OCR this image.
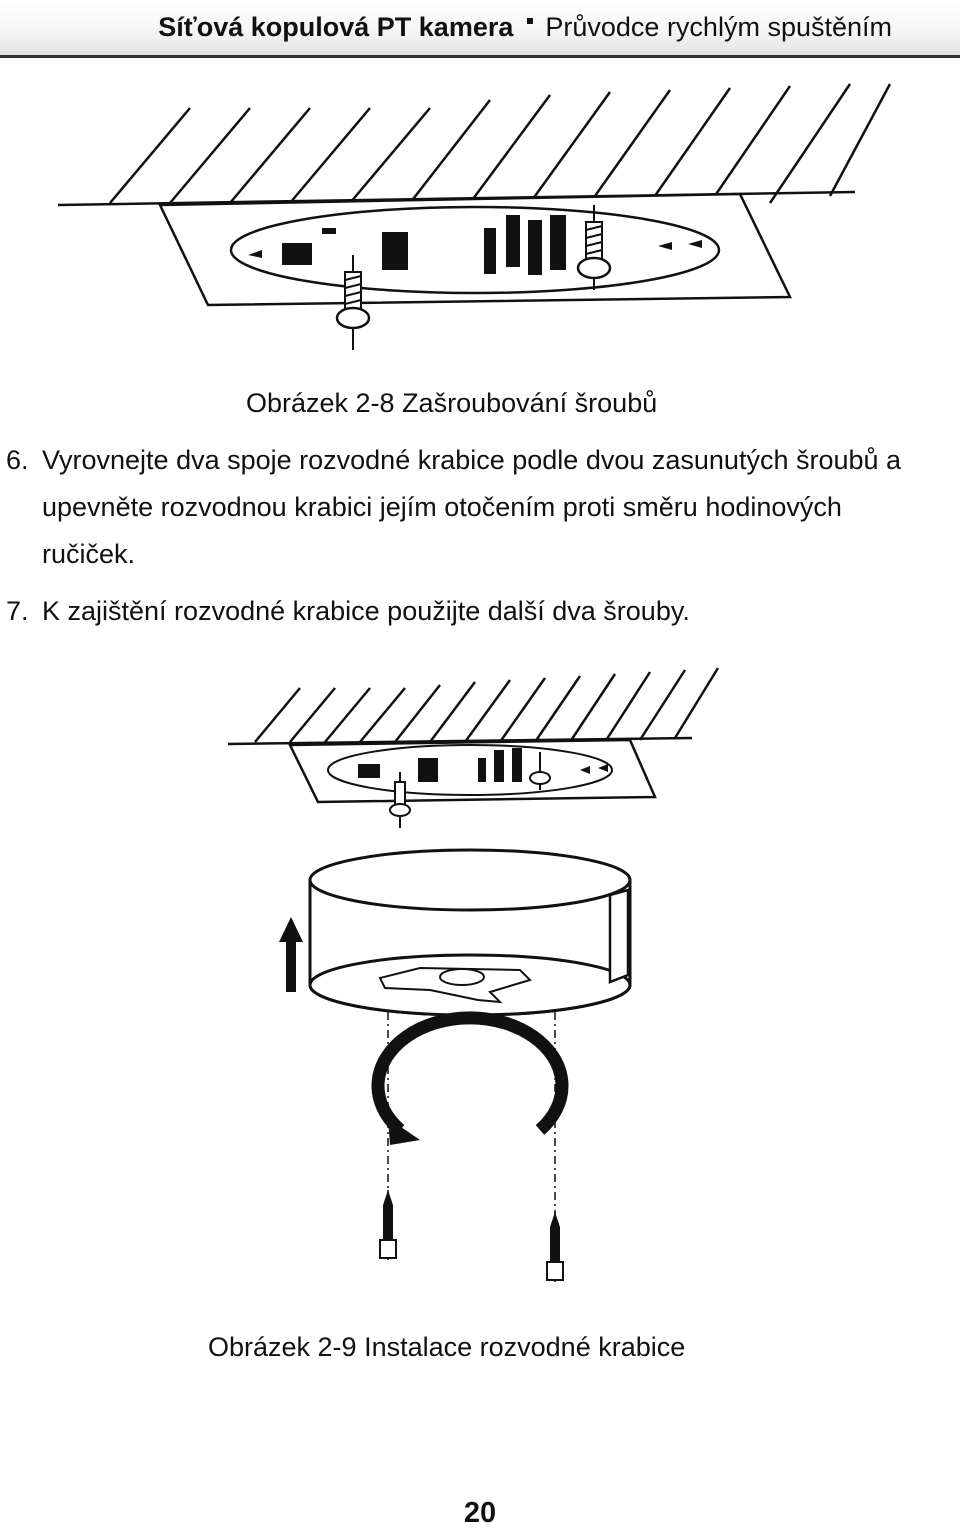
Síťová kopulová PT kamera Průvodce rychlým spuštěním
Obrázek 2-8 Zašroubování šroubů
6. Vyrovnejte dva spoje rozvodné krabice podle dvou zasunutých šroubů a upevněte rozvodnou krabici jejím otočením proti směru hodinových ručiček.
7. K zajištění rozvodné krabice použijte další dva šrouby.
Obrázek 2-9 Instalace rozvodné krabice
20
